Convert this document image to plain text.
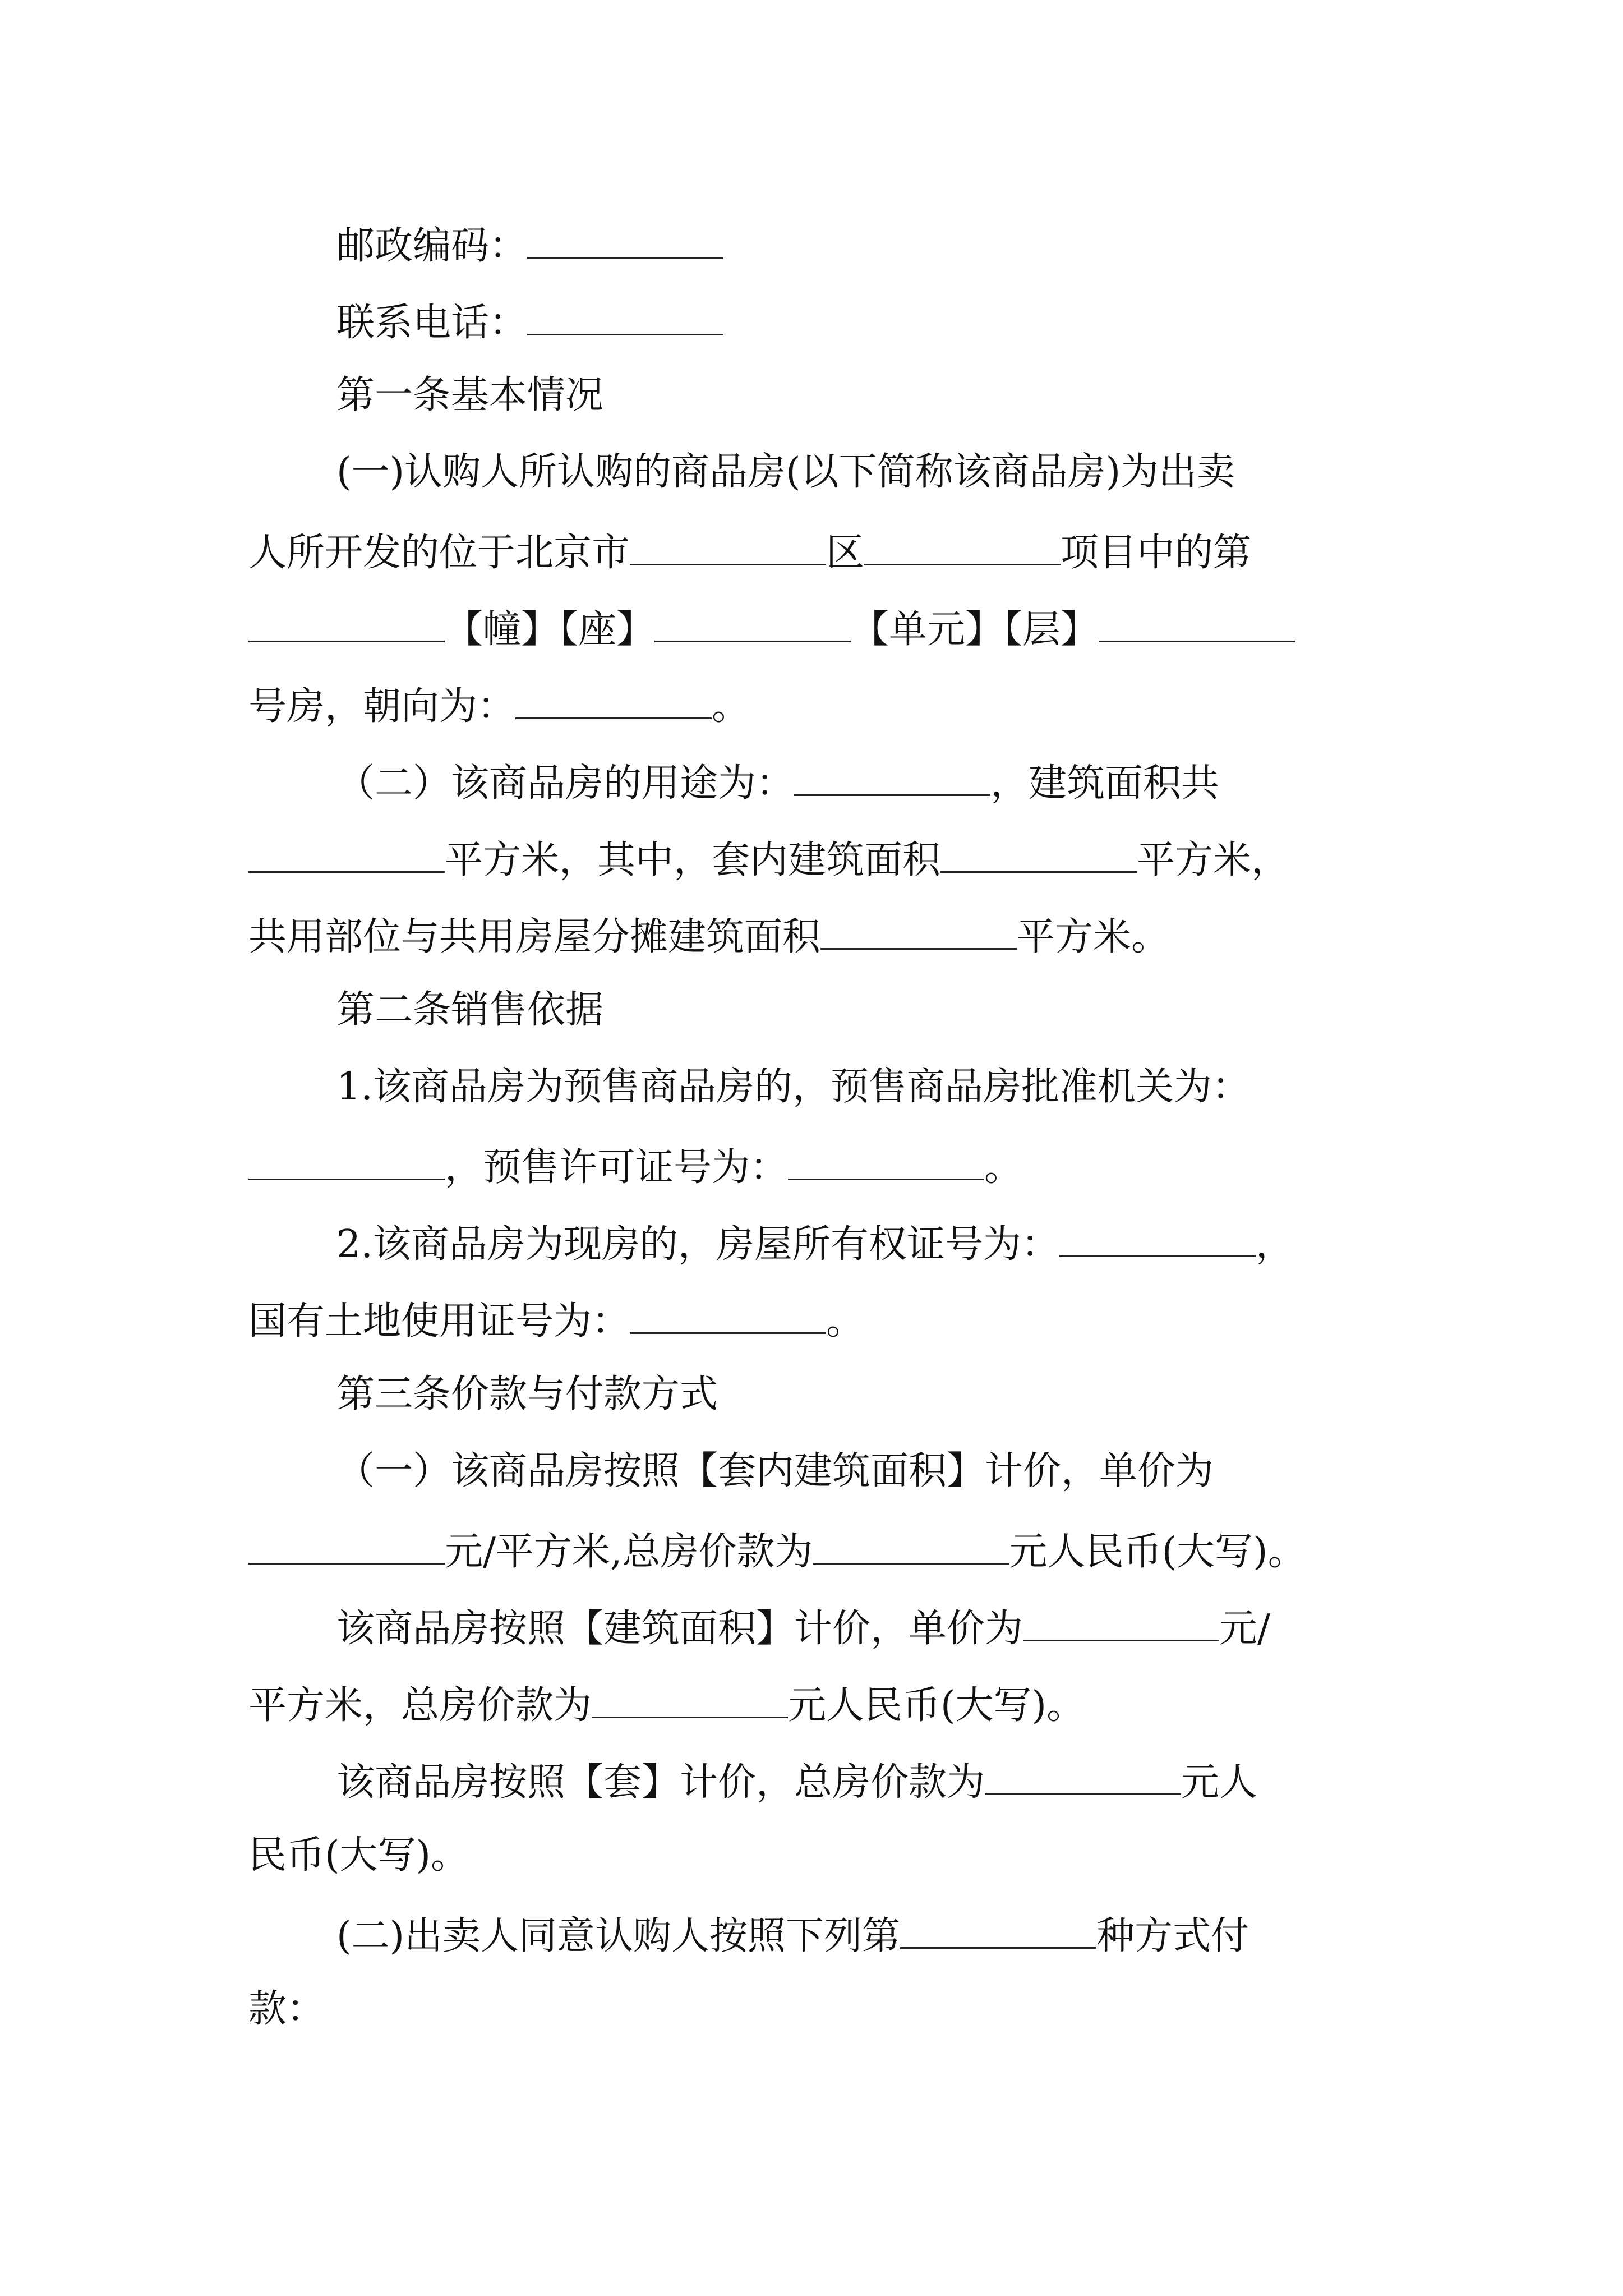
邮政编码：
联系电话：
第一条基本情况
(一)认购人所认购的商品房(以下简称该商品房)为出卖
人所开发的位于北京市	区	项目中的第
【幢】【座】	【单元】【层】
号房，朝向为：	。
（二）该商品房的用途为：	，建筑面积共
平方米，其中，套内建筑面积	平方米，
共用部位与共用房屋分摊建筑面积	平方米。
第二条销售依据
1.该商品房为预售商品房的，预售商品房批准机关为：
，预售许可证号为：	。
2.该商品房为现房的，房屋所有权证号为：	，
国有土地使用证号为：	。
第三条价款与付款方式
（一）该商品房按照【套内建筑面积】计价，单价为
元/平方米,总房价款为	元人民币(大写)。
该商品房按照【建筑面积】计价，单价为	元/
平方米，总房价款为	元人民币(大写)。
该商品房按照【套】计价，总房价款为	元人
民币(大写)。
(二)出卖人同意认购人按照下列第	种方式付
款：
